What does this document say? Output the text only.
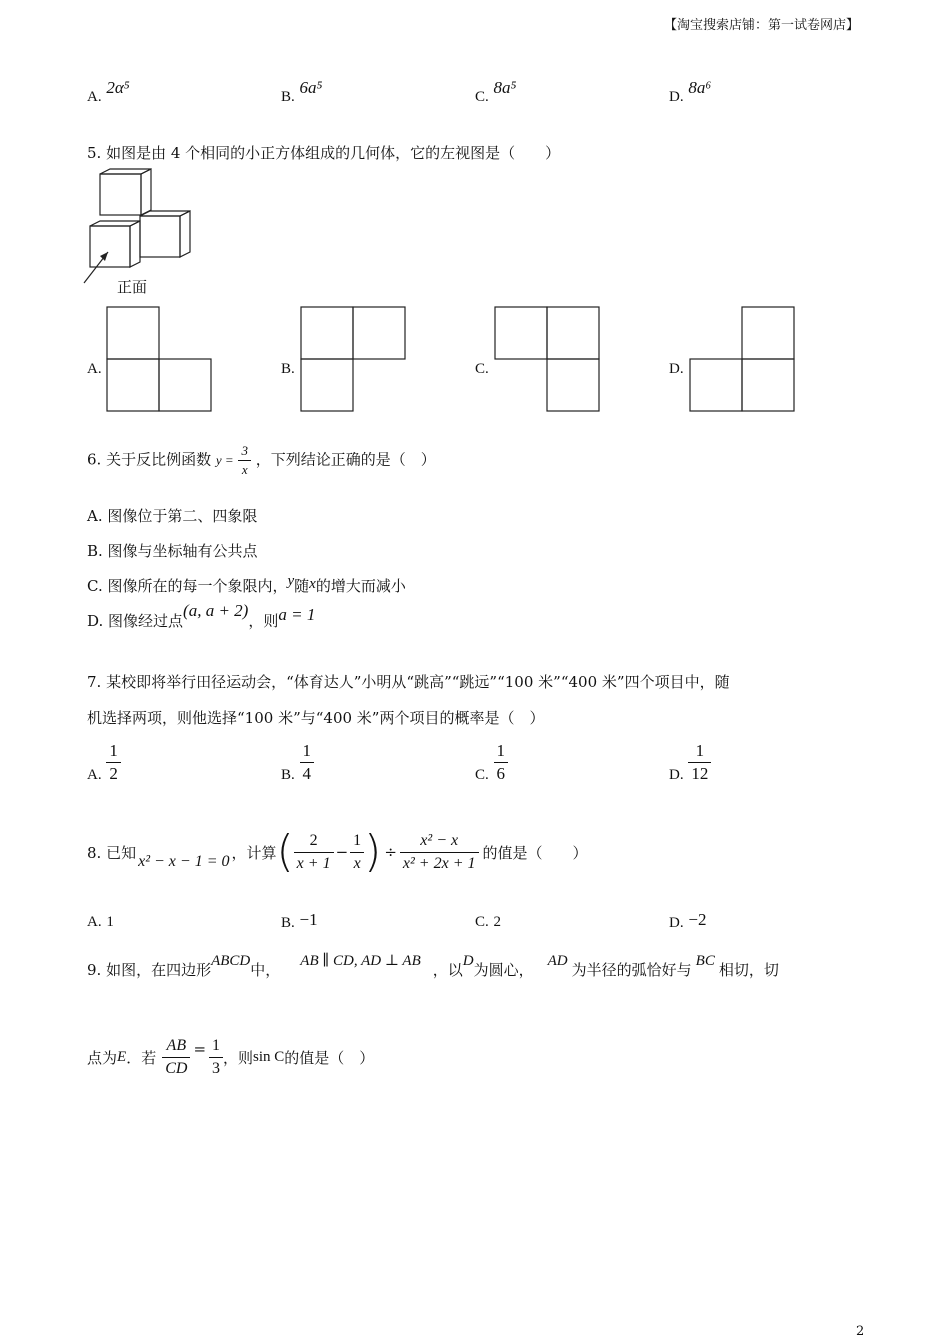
【淘宝搜索店铺：第一试卷网店】
A. 2α⁵	B. 6a⁵	C. 8a⁵	D. 8a⁶
5. 如图是由 4 个相同的小正方体组成的几何体，它的左视图是（　　）
正面
A.	B.	C.	D.
6. 关于反比例函数 $y = \frac{3}{x}$ ，下列结论正确的是（　）
A. 图像位于第二、四象限
B. 图像与坐标轴有公共点
C. 图像所在的每一个象限内，y随x的增大而减小
D. 图像经过点(a, a + 2)，则a = 1
7. 某校即将举行田径运动会，“体育达人”小明从“跳高”“跳远”“100 米”“400 米”四个项目中，随
机选择两项，则他选择“100 米”与“400 米”两个项目的概率是（　）
A. $\frac{1}{2}$	B. $\frac{1}{4}$	C. $\frac{1}{6}$	D. $\frac{1}{12}$
8. 已知 x² − x − 1 = 0 ，计算 ( $\frac{2}{x + 1} - \frac{1}{x}$ ) ÷ $\frac{\text{x² − x}}{\text{x² + 2x + 1}}$ 的值是（　　）
A. 1	B. −1	C. 2	D. −2
9. 如图，在四边形ABCD中， AB ∥ CD, AD ⊥ AB ，以D为圆心， AD 为半径的弧恰好与 BC 相切，切
点为 E ．若 $\frac{AB}{CD} = \frac{1}{3}$ ，则 sin C 的值是（　）
2
